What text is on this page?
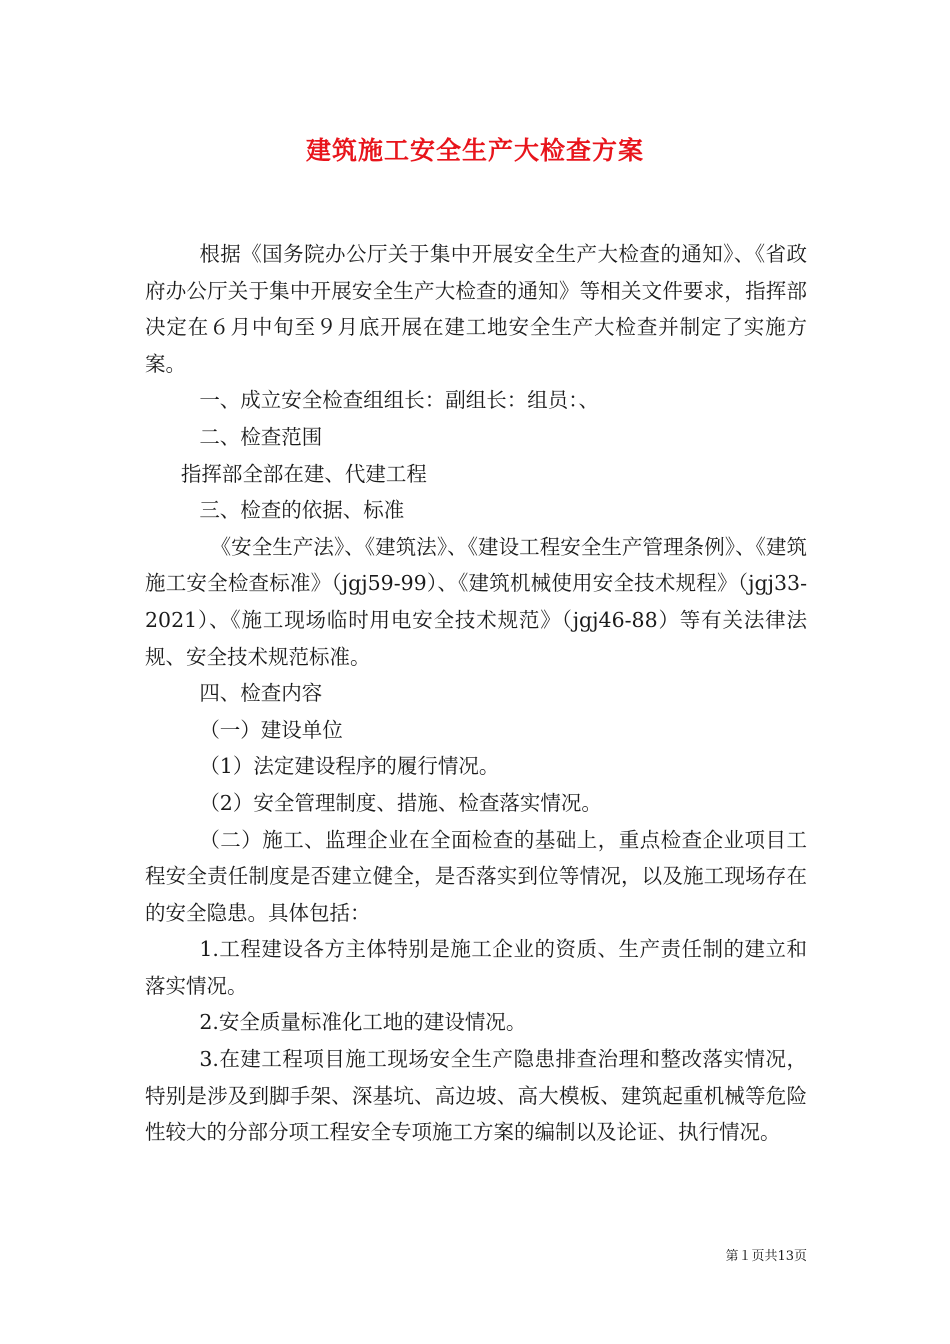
建筑施工安全生产大检查方案

根据《国务院办公厅关于集中开展安全生产大检查的通知》、《省政府办公厅关于集中开展安全生产大检查的通知》等相关文件要求，指挥部决定在６月中旬至９月底开展在建工地安全生产大检查并制定了实施方案。

一、成立安全检查组组长：副组长：组员：、

二、检查范围

指挥部全部在建、代建工程

三、检查的依据、标准

《安全生产法》、《建筑法》、《建设工程安全生产管理条例》、《建筑施工安全检查标准》（jgj59-99）、《建筑机械使用安全技术规程》（jgj33-2021）、《施工现场临时用电安全技术规范》（jgj46-88）等有关法律法规、安全技术规范标准。

四、检查内容

（一）建设单位

（1）法定建设程序的履行情况。

（2）安全管理制度、措施、检查落实情况。

（二）施工、监理企业在全面检查的基础上，重点检查企业项目工程安全责任制度是否建立健全，是否落实到位等情况，以及施工现场存在的安全隐患。具体包括：

1.工程建设各方主体特别是施工企业的资质、生产责任制的建立和落实情况。

2.安全质量标准化工地的建设情况。

3.在建工程项目施工现场安全生产隐患排查治理和整改落实情况，特别是涉及到脚手架、深基坑、高边坡、高大模板、建筑起重机械等危险性较大的分部分项工程安全专项施工方案的编制以及论证、执行情况。

第１页共13页
